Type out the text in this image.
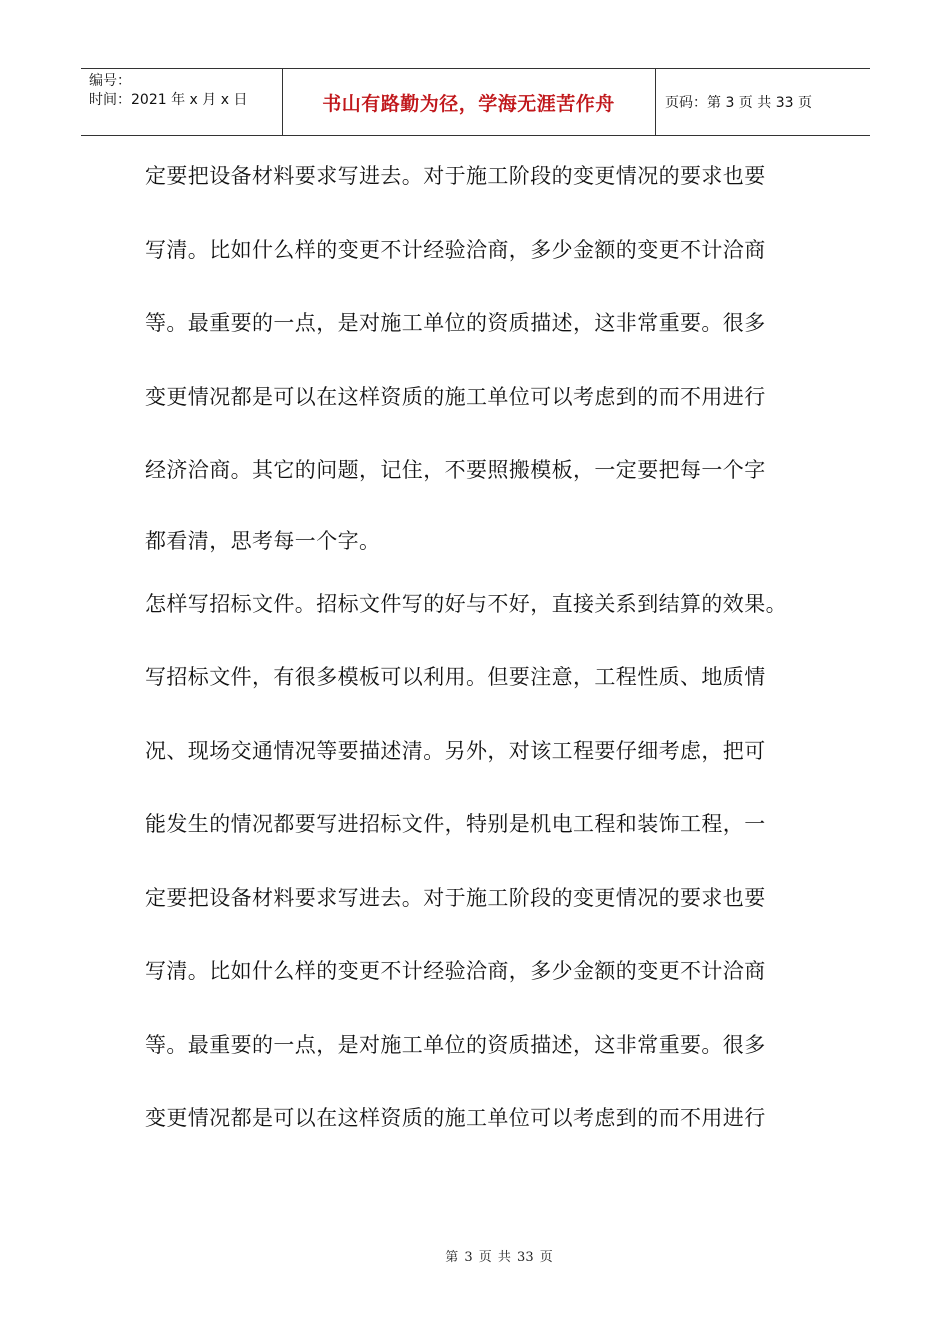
编号：
时间：2021 年 x 月 x 日	书山有路勤为径，学海无涯苦作舟	页码：第 3 页 共 33 页
定要把设备材料要求写进去。对于施工阶段的变更情况的要求也要
写清。比如什么样的变更不计经验洽商，多少金额的变更不计洽商
等。最重要的一点，是对施工单位的资质描述，这非常重要。很多
变更情况都是可以在这样资质的施工单位可以考虑到的而不用进行
经济洽商。其它的问题，记住，不要照搬模板，一定要把每一个字
都看清，思考每一个字。
怎样写招标文件。招标文件写的好与不好，直接关系到结算的效果。
写招标文件，有很多模板可以利用。但要注意，工程性质、地质情
况、现场交通情况等要描述清。另外，对该工程要仔细考虑，把可
能发生的情况都要写进招标文件，特别是机电工程和装饰工程，一
定要把设备材料要求写进去。对于施工阶段的变更情况的要求也要
写清。比如什么样的变更不计经验洽商，多少金额的变更不计洽商
等。最重要的一点，是对施工单位的资质描述，这非常重要。很多
变更情况都是可以在这样资质的施工单位可以考虑到的而不用进行
第 3 页 共 33 页
